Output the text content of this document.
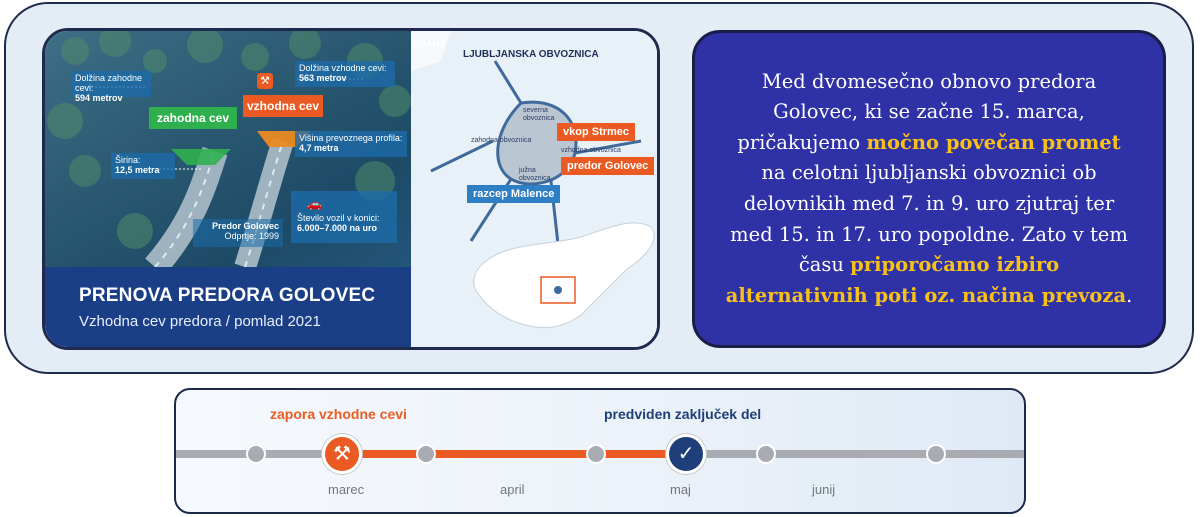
Dolžina zahodne cevi:
594 metrov
Dolžina vzhodne cevi:
563 metrov
zahodna cev
⚒
vzhodna cev
Višina prevoznega profila:
4,7 metra
Širina:
12,5 metra
Predor Golovec
Odprtje: 1999
Število vozil v konici:
6.000–7.000 na uro
🚗
PRENOVA PREDORA GOLOVEC
Vzhodna cev predora / pomlad 2021
KRANJ
LJUBLJANSKA OBVOZNICA
severna
obvoznica
zahodna obvoznica
vzhodna obvoznica
južna
obvoznica
vkop Strmec
predor Golovec
razcep Malence

Med dvomesečno obnovo predora Golovec, ki se začne 15. marca, pričakujemo močno povečan promet na celotni ljubljanski obvoznici ob delovnikih med 7. in 9. uro zjutraj ter med 15. in 17. uro popoldne. Zato v tem času priporočamo izbiro alternativnih poti oz. načina prevoza.

zapora vzhodne cevi	predviden zaključek del
⚒	✓
marec	april	maj	junij
